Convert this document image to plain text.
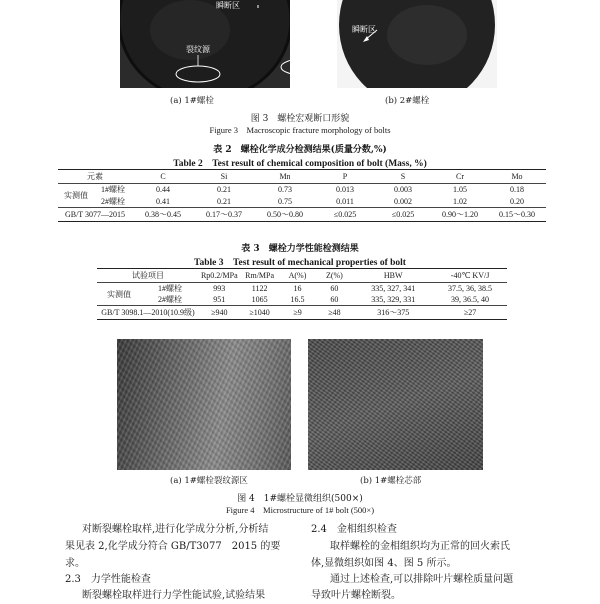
瞬断区
裂纹源
瞬断区
(a) 1#螺栓	(b) 2#螺栓
图 3　螺栓宏观断口形貌
Figure 3　Macroscopic fracture morphology of bolts
表 2　螺栓化学成分检测结果(质量分数,%)
Table 2　Test result of chemical composition of bolt (Mass, %)
元素		C	Si	Mn	P	S	Cr	Mo
实测值	1#螺栓	0.44	0.21	0.73	0.013	0.003	1.05	0.18
	2#螺栓	0.41	0.21	0.75	0.011	0.002	1.02	0.20
GB/T 3077—2015		0.38～0.45	0.17～0.37	0.50～0.80	≤0.025	≤0.025	0.90～1.20	0.15～0.30
表 3　螺栓力学性能检测结果
Table 3　Test result of mechanical properties of bolt
试验项目		Rp0.2/MPa	Rm/MPa	A(%)	Z(%)	HBW	-40℃ KV/J
实测值	1#螺栓	993	1122	16	60	335, 327, 341	37.5, 36, 38.5
	2#螺栓	951	1065	16.5	60	335, 329, 331	39, 36.5, 40
GB/T 3098.1—2010(10.9级)		≥940	≥1040	≥9	≥48	316～375	≥27
(a) 1#螺栓裂纹源区	(b) 1#螺栓芯部
图 4　1#螺栓显微组织(500×)
Figure 4　Microstructure of 1# bolt (500×)
对断裂螺栓取样,进行化学成分分析,分析结
果见表 2,化学成分符合 GB/T3077　2015 的要
求。
2.3　力学性能检查
断裂螺栓取样进行力学性能试验,试验结果
2.4　金相组织检查
取样螺栓的金相组织均为正常的回火索氏
体,显微组织如图 4、图 5 所示。
通过上述检查,可以排除叶片螺栓质量问题
导致叶片螺栓断裂。
